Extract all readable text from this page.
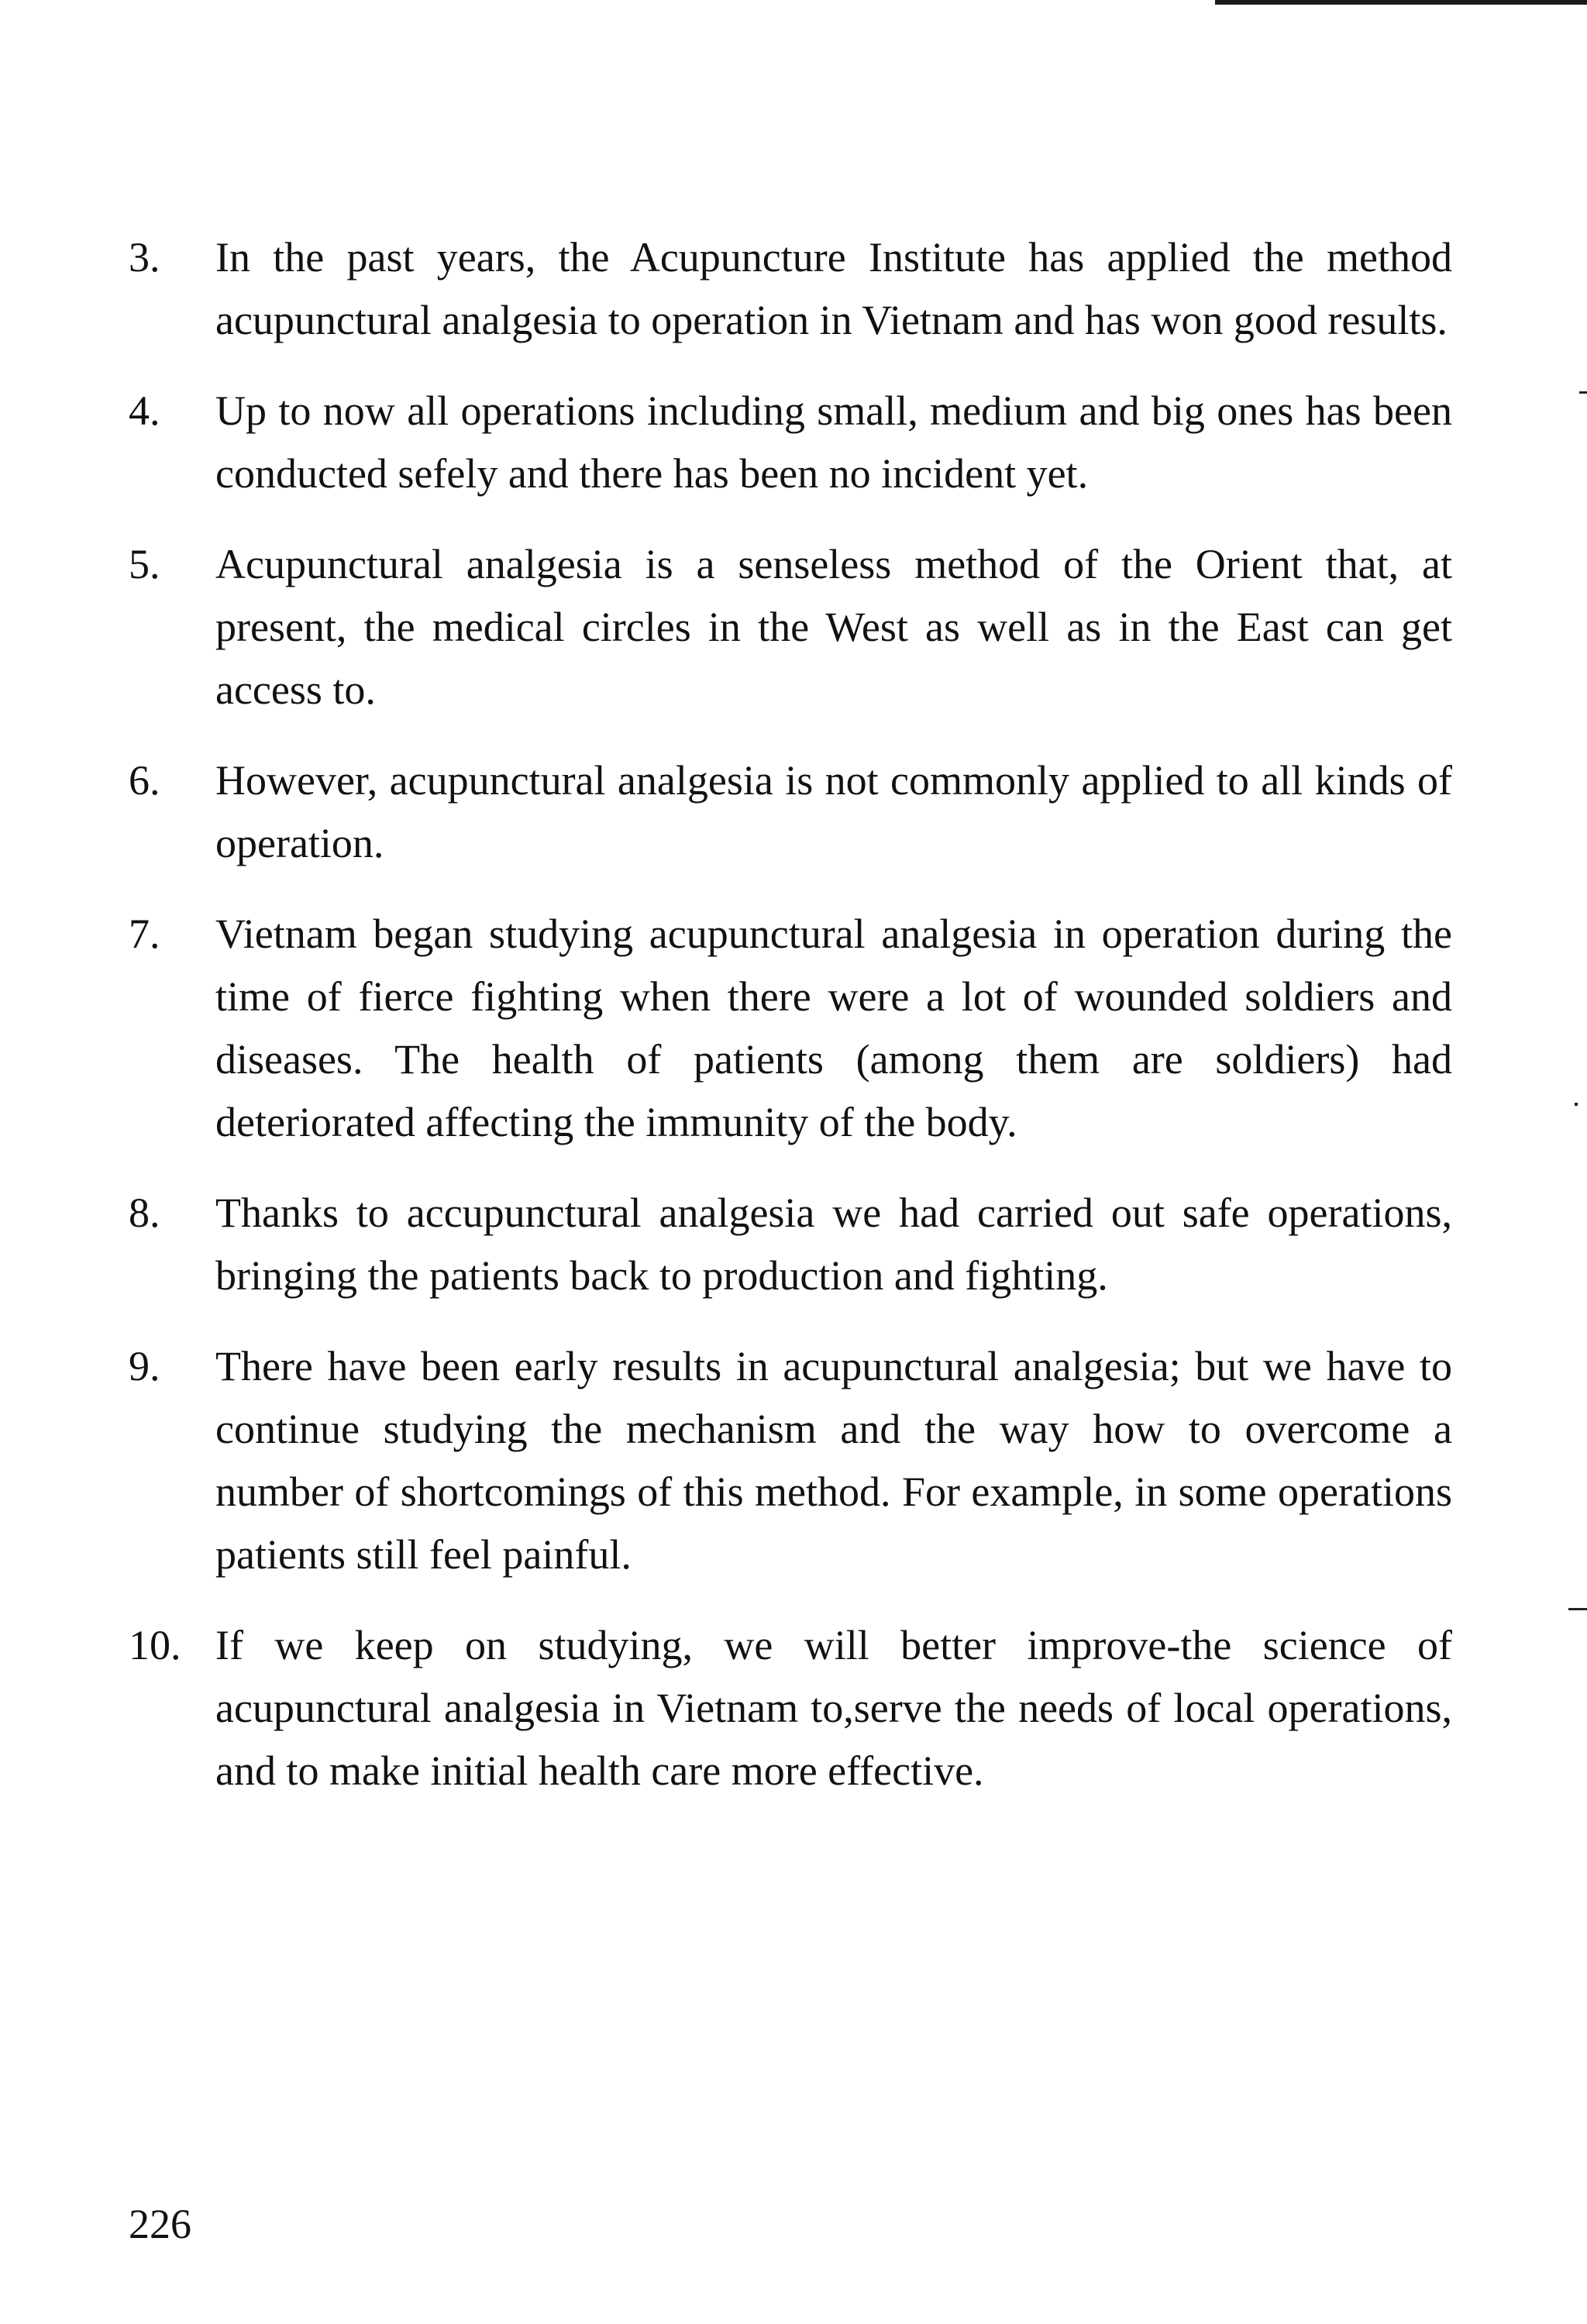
3. In the past years, the Acupuncture Institute has applied the method acupunctural analgesia to operation in Vietnam and has won good results.
4. Up to now all operations including small, medium and big ones has been conducted sefely and there has been no incident yet.
5. Acupunctural analgesia is a senseless method of the Orient that, at present, the medical circles in the West as well as in the East can get access to.
6. However, acupunctural analgesia is not commonly applied to all kinds of operation.
7. Vietnam began studying acupunctural analgesia in operation during the time of fierce fighting when there were a lot of wounded soldiers and diseases. The health of patients (among them are soldiers) had deteriorated affecting the immunity of the body.
8. Thanks to accupunctural analgesia we had carried out safe operations, bringing the patients back to production and fighting.
9. There have been early results in acupunctural analgesia; but we have to continue studying the mechanism and the way how to overcome a number of shortcomings of this method. For example, in some operations patients still feel painful.
10. If we keep on studying, we will better improve-the science of acupunctural analgesia in Vietnam to,serve the needs of local operations, and to make initial health care more effective.
226
